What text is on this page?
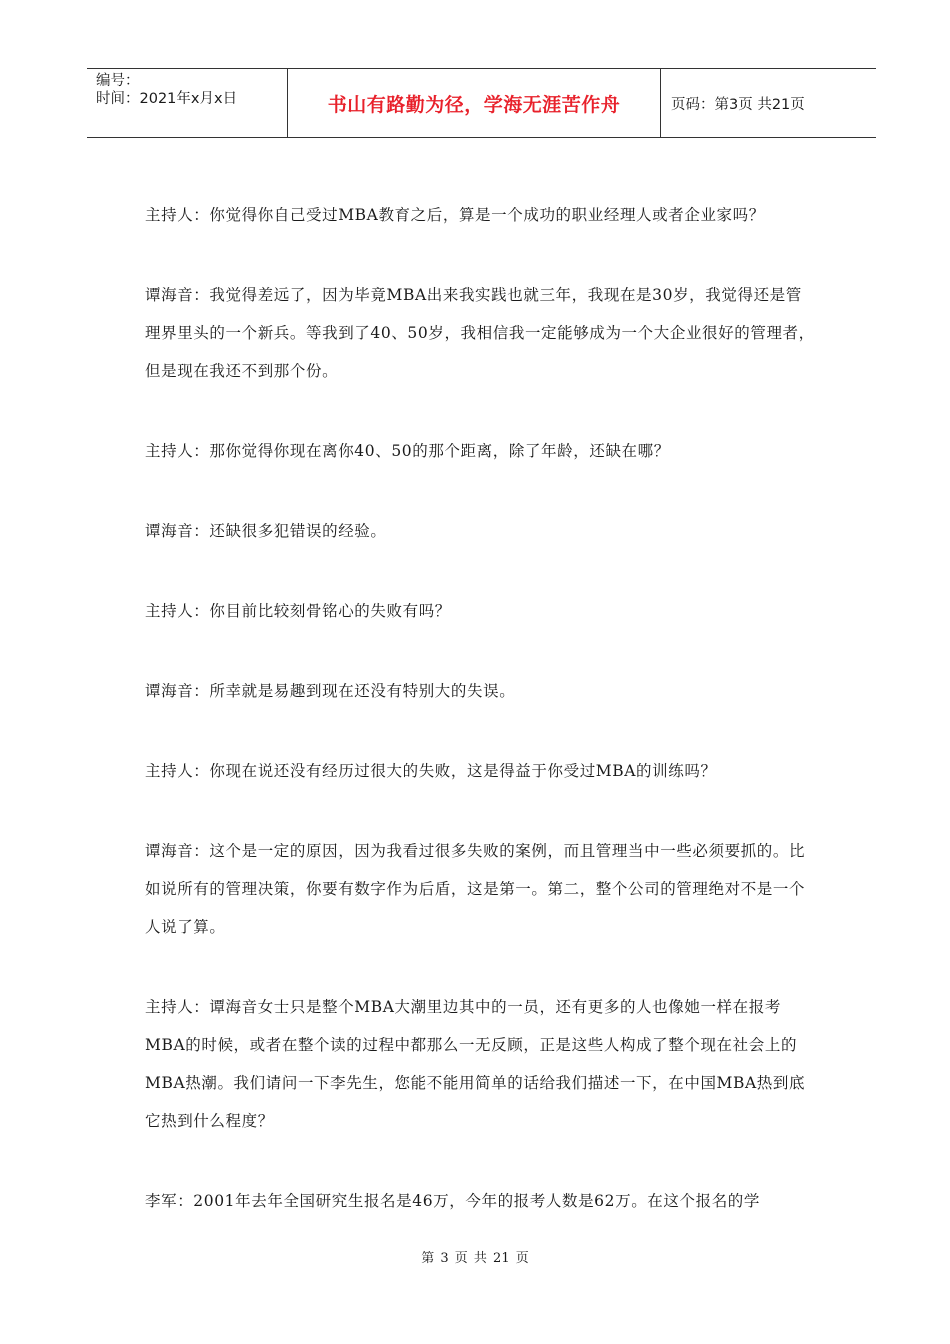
编号：
时间：2021年x月x日	书山有路勤为径，学海无涯苦作舟	页码：第3页 共21页

主持人：你觉得你自己受过MBA教育之后，算是一个成功的职业经理人或者企业家吗？

谭海音：我觉得差远了，因为毕竟MBA出来我实践也就三年，我现在是30岁，我觉得还是管理界里头的一个新兵。等我到了40、50岁，我相信我一定能够成为一个大企业很好的管理者，但是现在我还不到那个份。

主持人：那你觉得你现在离你40、50的那个距离，除了年龄，还缺在哪？

谭海音：还缺很多犯错误的经验。

主持人：你目前比较刻骨铭心的失败有吗？

谭海音：所幸就是易趣到现在还没有特别大的失误。

主持人：你现在说还没有经历过很大的失败，这是得益于你受过MBA的训练吗？

谭海音：这个是一定的原因，因为我看过很多失败的案例，而且管理当中一些必须要抓的。比如说所有的管理决策，你要有数字作为后盾，这是第一。第二，整个公司的管理绝对不是一个人说了算。

主持人：谭海音女士只是整个MBA大潮里边其中的一员，还有更多的人也像她一样在报考MBA的时候，或者在整个读的过程中都那么一无反顾，正是这些人构成了整个现在社会上的MBA热潮。我们请问一下李先生，您能不能用简单的话给我们描述一下，在中国MBA热到底它热到什么程度？

李军：2001年去年全国研究生报名是46万，今年的报考人数是62万。在这个报名的学

第 3 页 共 21 页
